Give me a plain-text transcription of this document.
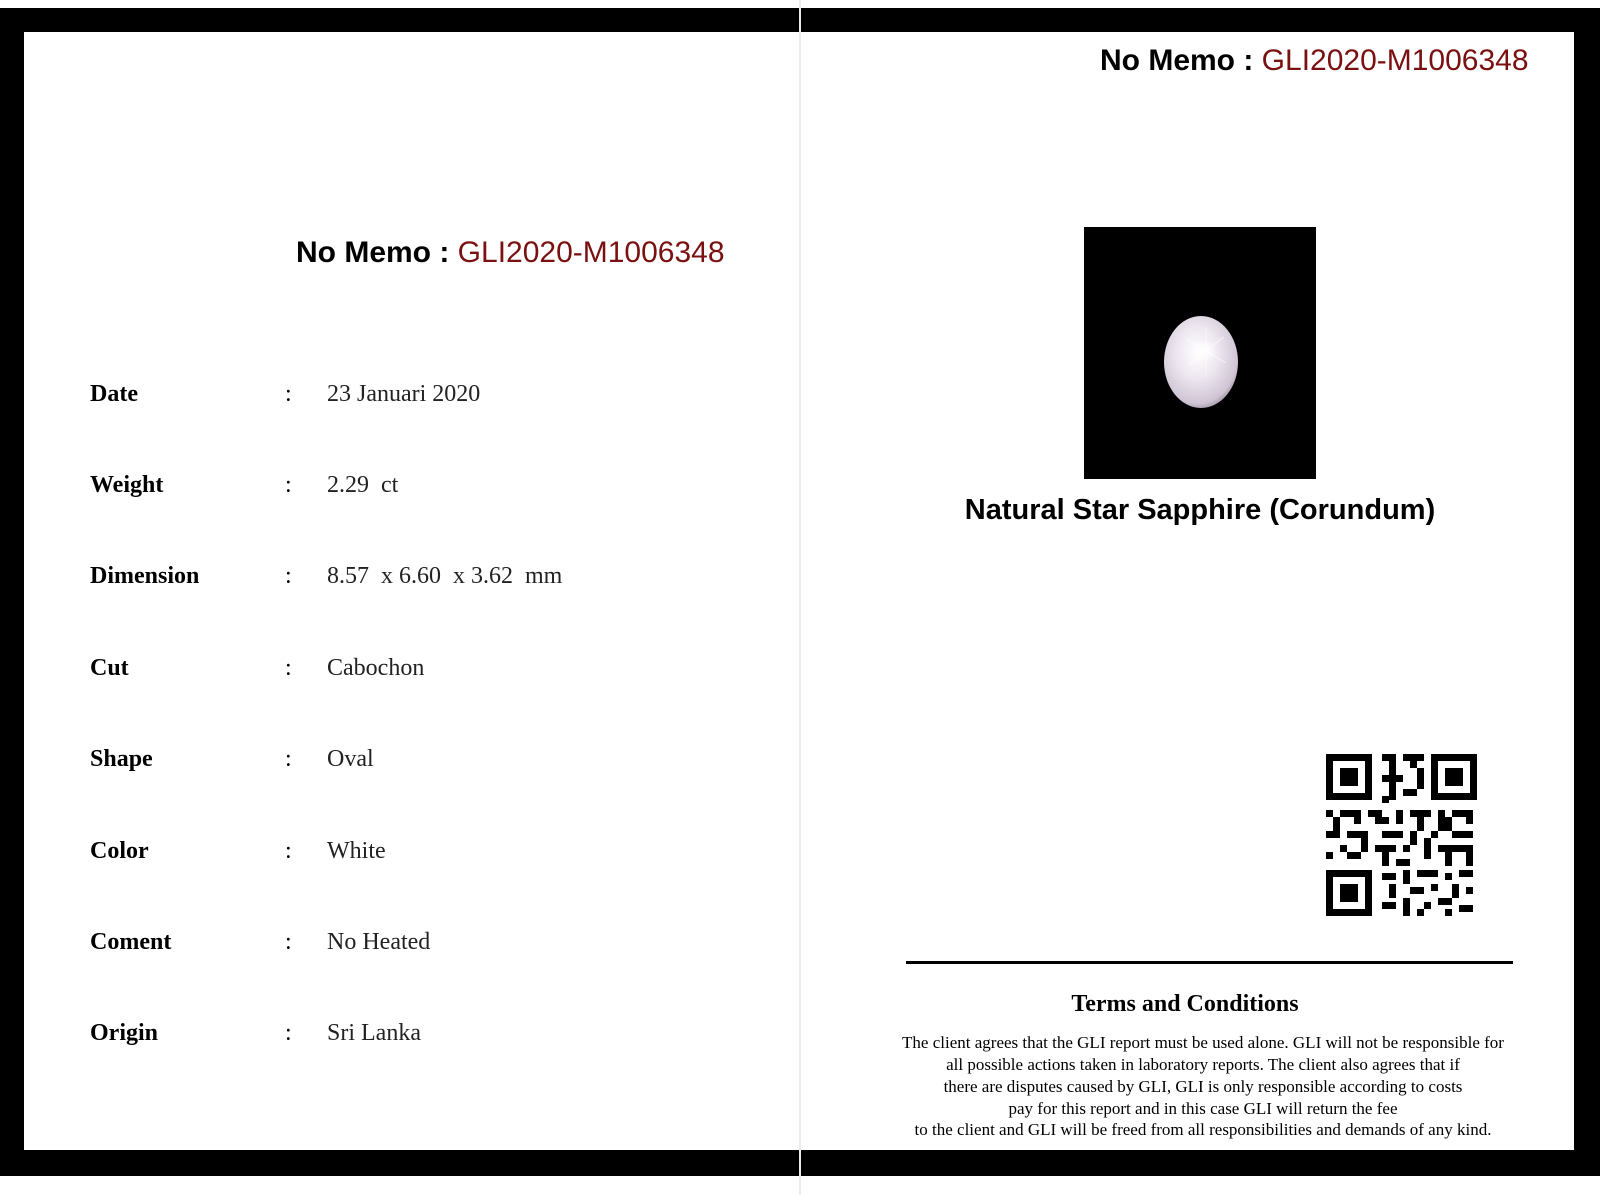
No Memo : GLI2020-M1006348
Date	: 23 Januari 2020
Weight	: 2.29  ct
Dimension	: 8.57  x 6.60  x 3.62  mm
Cut	: Cabochon
Shape	: Oval
Color	: White
Coment	: No Heated
Origin	: Sri Lanka
No Memo : GLI2020-M1006348
Natural Star Sapphire (Corundum)
Terms and Conditions
The client agrees that the GLI report must be used alone. GLI will not be responsible for
all possible actions taken in laboratory reports. The client also agrees that if
there are disputes caused by GLI, GLI is only responsible according to costs
pay for this report and in this case GLI will return the fee
to the client and GLI will be freed from all responsibilities and demands of any kind.
